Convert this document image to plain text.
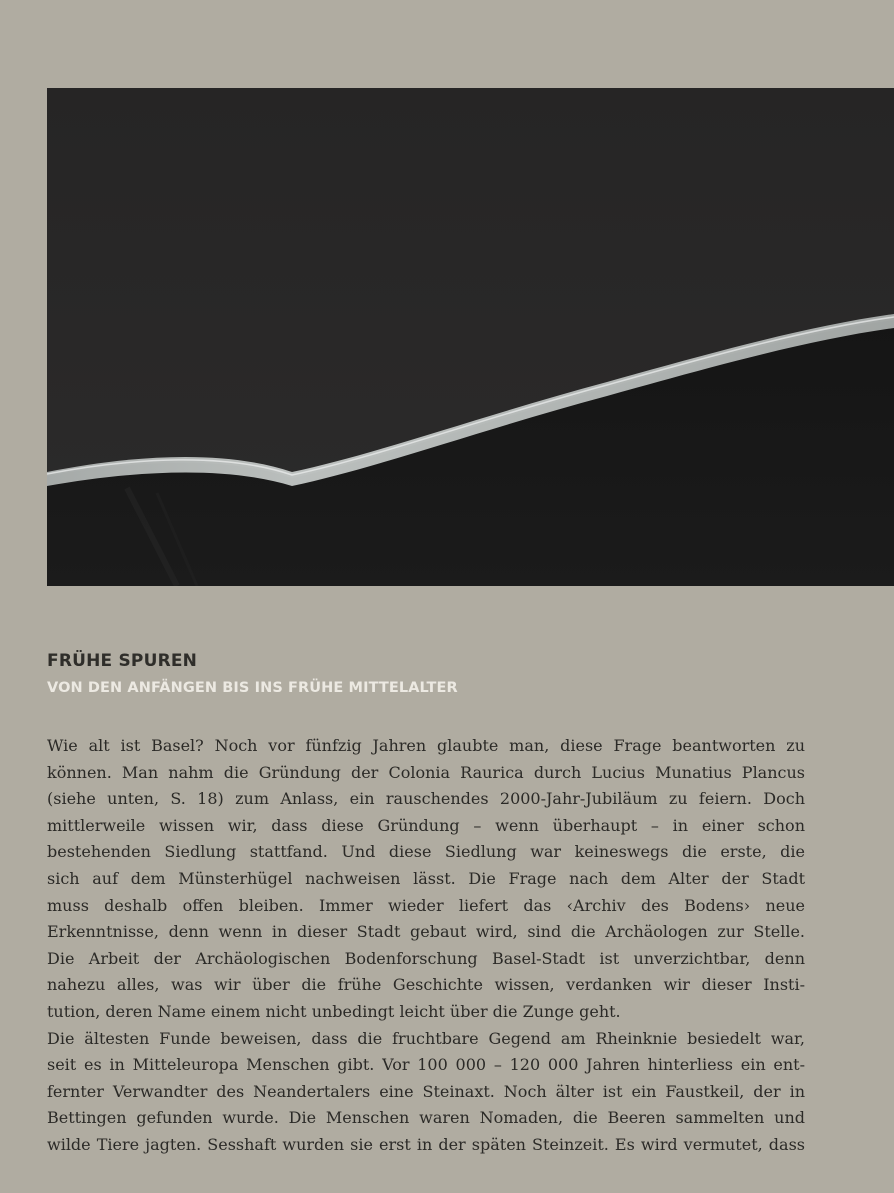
FRÜHE SPUREN
VON DEN ANFÄNGEN BIS INS FRÜHE MITTELALTER

Wie alt ist Basel? Noch vor fünfzig Jahren glaubte man, diese Frage beantworten zu
können. Man nahm die Gründung der Colonia Raurica durch Lucius Munatius Plancus
(siehe unten, S. 18) zum Anlass, ein rauschendes 2000-Jahr-Jubiläum zu feiern. Doch
mittlerweile wissen wir, dass diese Gründung – wenn überhaupt – in einer schon
bestehenden Siedlung stattfand. Und diese Siedlung war keineswegs die erste, die
sich auf dem Münsterhügel nachweisen lässt. Die Frage nach dem Alter der Stadt
muss deshalb offen bleiben. Immer wieder liefert das ‹Archiv des Bodens› neue
Erkenntnisse, denn wenn in dieser Stadt gebaut wird, sind die Archäologen zur Stelle.
Die Arbeit der Archäologischen Bodenforschung Basel-Stadt ist unverzichtbar, denn
nahezu alles, was wir über die frühe Geschichte wissen, verdanken wir dieser Insti-
tution, deren Name einem nicht unbedingt leicht über die Zunge geht.

Die ältesten Funde beweisen, dass die fruchtbare Gegend am Rheinknie besiedelt war,
seit es in Mitteleuropa Menschen gibt. Vor 100 000 – 120 000 Jahren hinterliess ein ent-
fernter Verwandter des Neandertalers eine Steinaxt. Noch älter ist ein Faustkeil, der in
Bettingen gefunden wurde. Die Menschen waren Nomaden, die Beeren sammelten und
wilde Tiere jagten. Sesshaft wurden sie erst in der späten Steinzeit. Es wird vermutet, dass
